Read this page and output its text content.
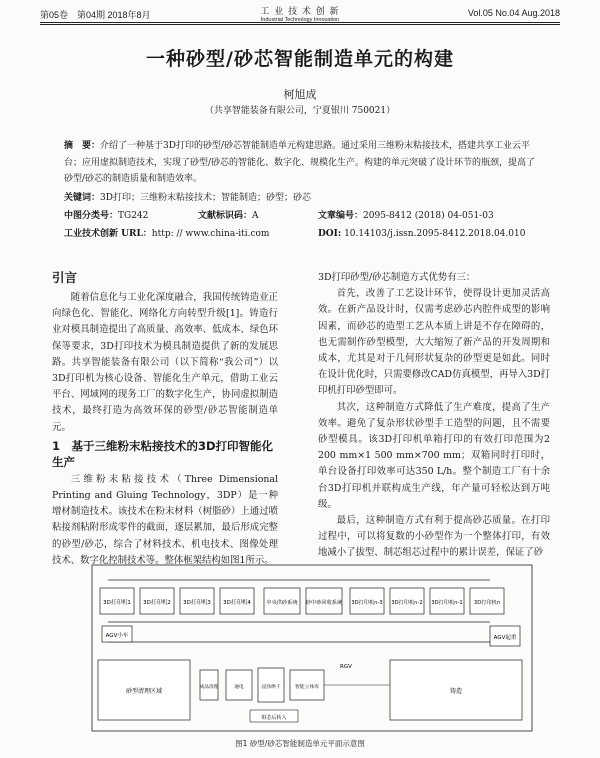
第05卷　第04期 2018年8月	工 业 技 术 创 新
Industrial Technology Innovation
Vol.05 No.04 Aug.2018
一种砂型/砂芯智能制造单元的构建
柯旭成
（共享智能装备有限公司，宁夏银川 750021）
摘　要：介绍了一种基于3D打印的砂型/砂芯智能制造单元构建思路。通过采用三维粉末粘接技术，搭建共享工业云平台；应用虚拟制造技术，实现了砂型/砂芯的智能化、数字化、规模化生产。构建的单元突破了设计环节的瓶颈，提高了砂型/砂芯的制造质量和制造效率。
关键词：3D打印；三维粉末粘接技术；智能制造；砂型；砂芯
中图分类号：TG242	文献标识码：A	文章编号：2095-8412 (2018) 04-051-03
工业技术创新 URL：http: // www.china-iti.com	DOI: 10.14103/j.issn.2095-8412.2018.04.010
引言
随着信息化与工业化深度融合，我国传统铸造业正向绿色化、智能化、网络化方向转型升级[1]。铸造行业对模具制造提出了高质量、高效率、低成本、绿色环保等要求，3D打印技术为模具制造提供了新的发展思路。共享智能装备有限公司（以下简称“我公司”）以3D打印机为核心设备、智能化生产单元，借助工业云平台、网域网的现务工厂的数字化生产，协同虚拟制造技术，最终打造为高效环保的砂型/砂芯智能制造单元。
1　基于三维粉末粘接技术的3D打印智能化生产
三维粉末粘接技术（Three Dimensional Printing and Gluing Technology，3DP）是一种增材制造技术。该技术在粉末材料（树脂砂）上通过喷粘接剂粘附形成零件的截面，逐层累加，最后形成完整的砂型/砂芯，综合了材料技术、机电技术、图像处理技术、数字化控制技术等。整体框架结构如图1所示。
3D打印砂型/砂芯制造方式优势有三：
首先，改善了工艺设计环节，使得设计更加灵活高效。在新产品设计时，仅需考虑砂芯内腔件成型的影响因素，而砂芯的造型工艺从本质上讲是不存在障碍的，也无需制作砂型模型，大大缩短了新产品的开发周期和成本，尤其是对于几何形状复杂的砂型更是如此。同时在设计优化时，只需要修改CAD仿真模型，再导入3D打印机打印砂型即可。
其次，这种制造方式降低了生产难度，提高了生产效率。避免了复杂形状砂型手工造型的问题，且不需要砂型模具。该3D打印机单箱打印的有效打印范围为2 200 mm×1 500 mm×700 mm；双箱同时打印时，单台设备打印效率可达350 L/h。整个制造工厂有十余台3D打印机并联构成生产线，年产量可轻松达到万吨级。
最后，这种制造方式有利于提高砂芯质量。在打印过程中，可以将复数的小砂型作为一个整体打印，有效地减小了拔型、制芯组芯过程中的累计误差，保证了砂
3D打印机1 3D打印机2 3D打印机3 3D打印机4	中央供砂系统 砂中砂回收系统 3D打印机n-3 3D打印机n-2 3D打印机n-1 3D打印机n
AGV小车	AGV起重
砂型清理区域
成品清理	通电	浸涂烘干	智能立体库
组芯后转入
RGV
铸造
图1 砂型/砂芯智能制造单元平面示意图
